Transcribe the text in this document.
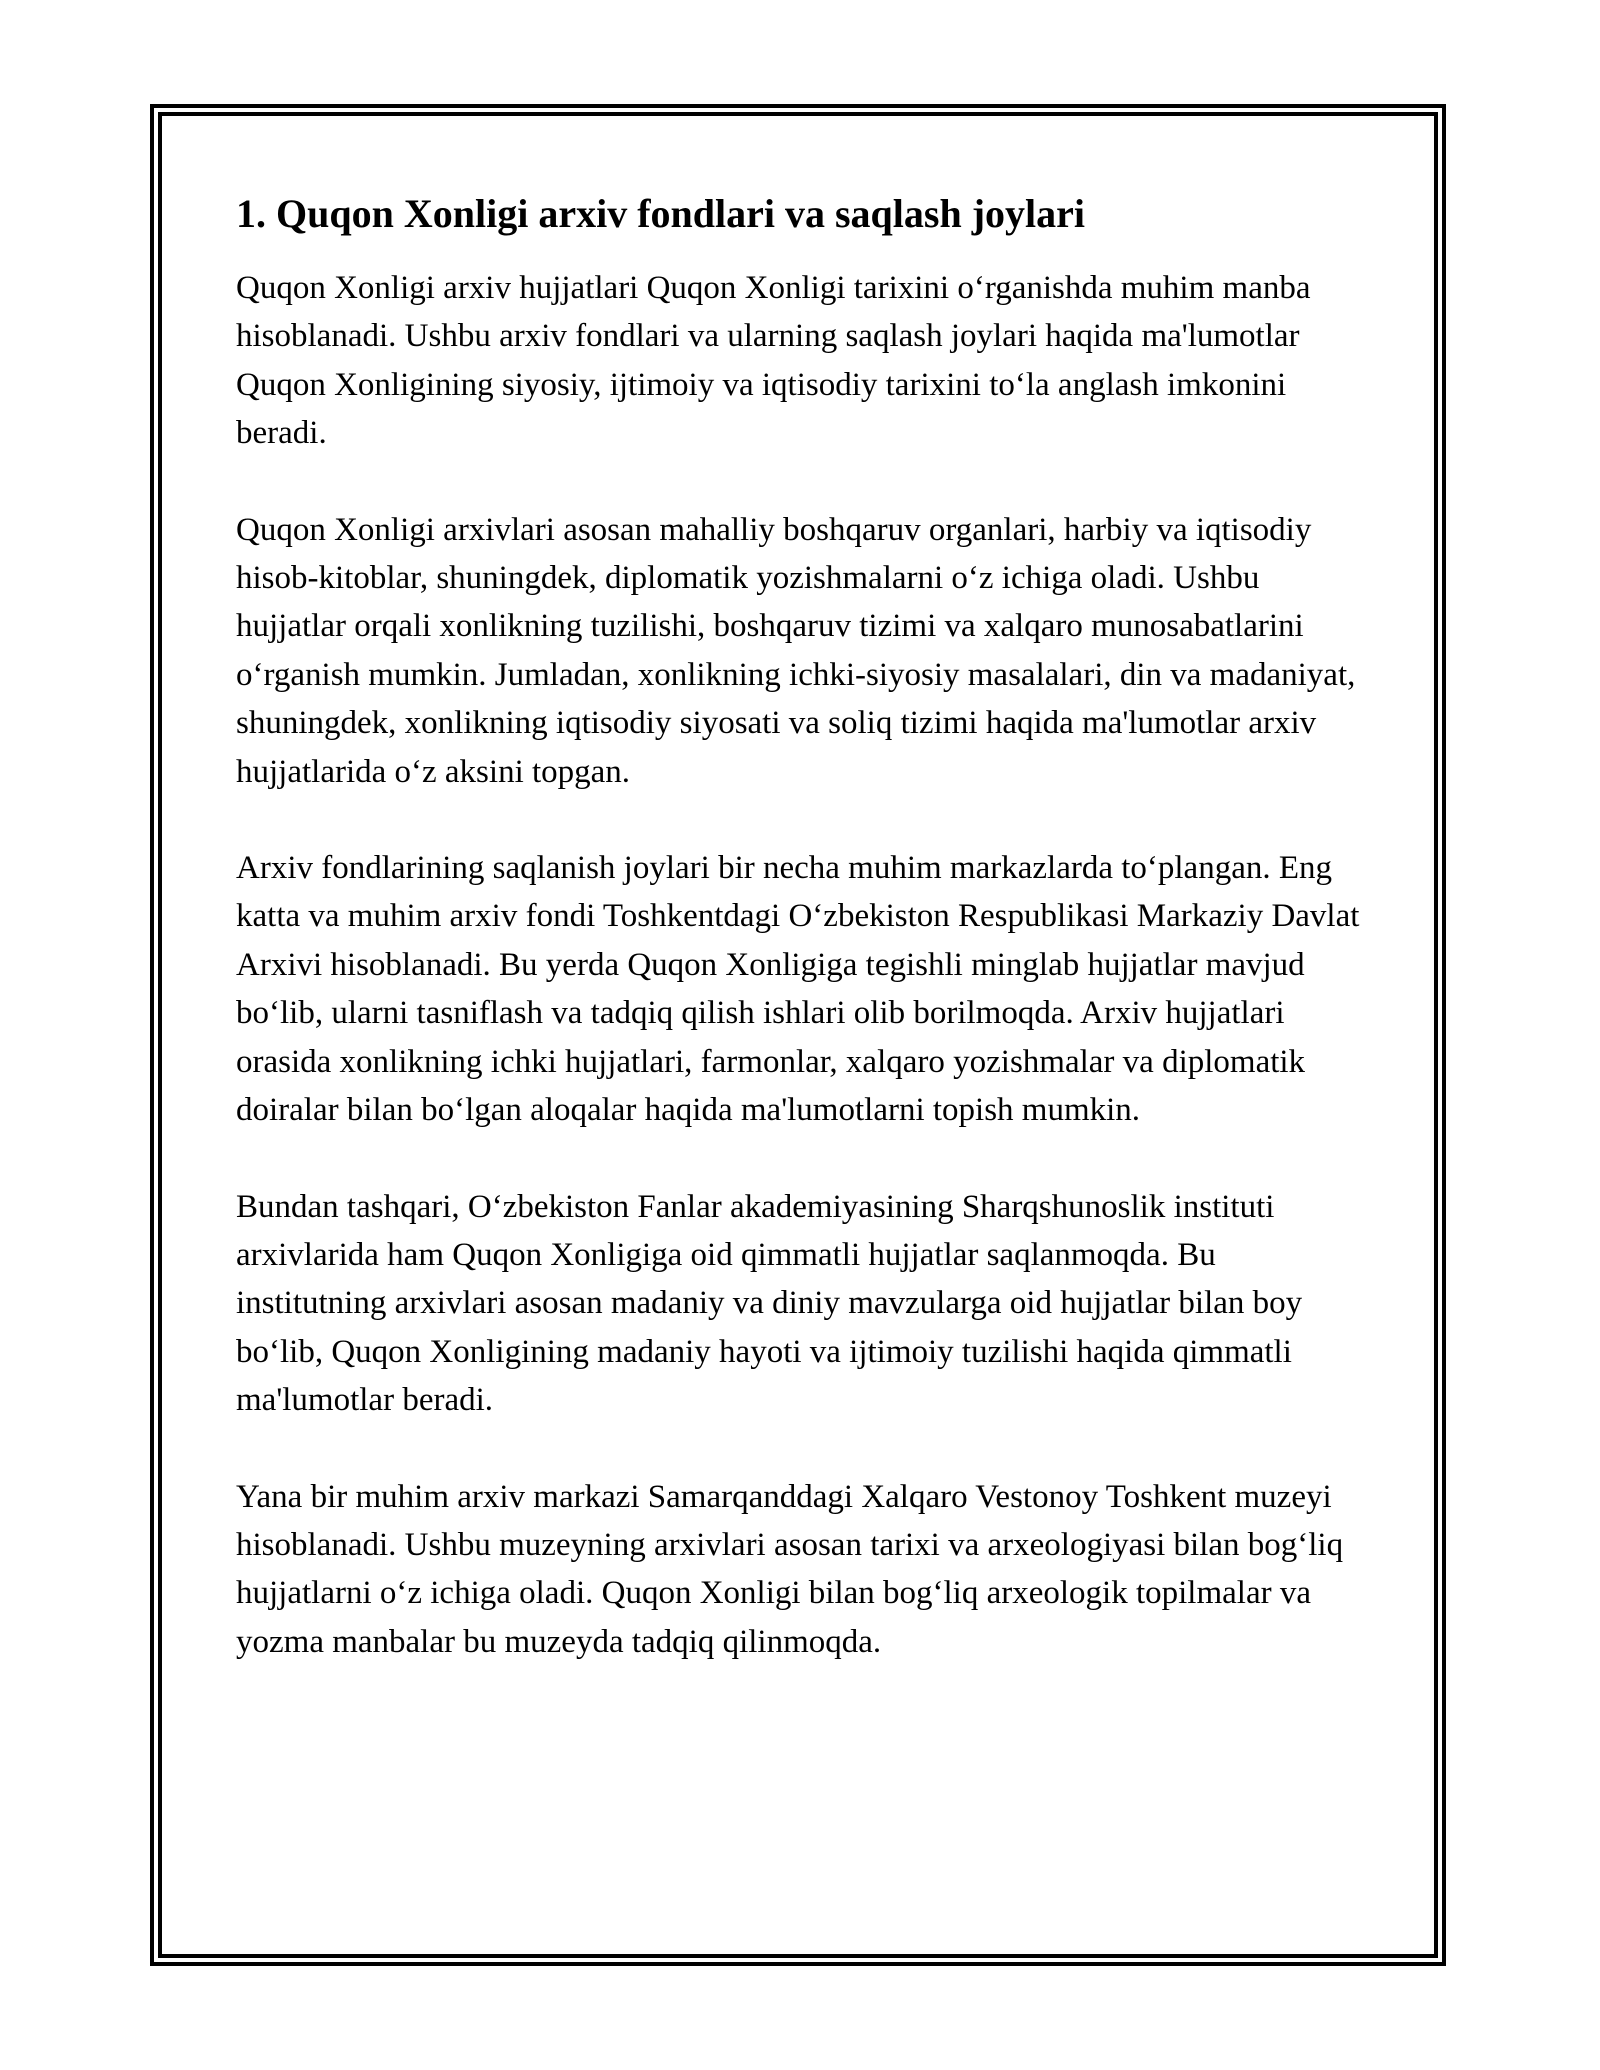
1. Quqon Xonligi arxiv fondlari va saqlash joylari

Quqon Xonligi arxiv hujjatlari Quqon Xonligi tarixini o‘rganishda muhim manba hisoblanadi. Ushbu arxiv fondlari va ularning saqlash joylari haqida ma'lumotlar Quqon Xonligining siyosiy, ijtimoiy va iqtisodiy tarixini to‘la anglash imkonini beradi.

Quqon Xonligi arxivlari asosan mahalliy boshqaruv organlari, harbiy va iqtisodiy hisob-kitoblar, shuningdek, diplomatik yozishmalarni o‘z ichiga oladi. Ushbu hujjatlar orqali xonlikning tuzilishi, boshqaruv tizimi va xalqaro munosabatlarini o‘rganish mumkin. Jumladan, xonlikning ichki-siyosiy masalalari, din va madaniyat, shuningdek, xonlikning iqtisodiy siyosati va soliq tizimi haqida ma'lumotlar arxiv hujjatlarida o‘z aksini topgan.

Arxiv fondlarining saqlanish joylari bir necha muhim markazlarda to‘plangan. Eng katta va muhim arxiv fondi Toshkentdagi O‘zbekiston Respublikasi Markaziy Davlat Arxivi hisoblanadi. Bu yerda Quqon Xonligiga tegishli minglab hujjatlar mavjud bo‘lib, ularni tasniflash va tadqiq qilish ishlari olib borilmoqda. Arxiv hujjatlari orasida xonlikning ichki hujjatlari, farmonlar, xalqaro yozishmalar va diplomatik doiralar bilan bo‘lgan aloqalar haqida ma'lumotlarni topish mumkin.

Bundan tashqari, O‘zbekiston Fanlar akademiyasining Sharqshunoslik instituti arxivlarida ham Quqon Xonligiga oid qimmatli hujjatlar saqlanmoqda. Bu institutning arxivlari asosan madaniy va diniy mavzularga oid hujjatlar bilan boy bo‘lib, Quqon Xonligining madaniy hayoti va ijtimoiy tuzilishi haqida qimmatli ma'lumotlar beradi.

Yana bir muhim arxiv markazi Samarqanddagi Xalqaro Vestonoy Toshkent muzeyi hisoblanadi. Ushbu muzeyning arxivlari asosan tarixi va arxeologiyasi bilan bog‘liq hujjatlarni o‘z ichiga oladi. Quqon Xonligi bilan bog‘liq arxeologik topilmalar va yozma manbalar bu muzeyda tadqiq qilinmoqda.
